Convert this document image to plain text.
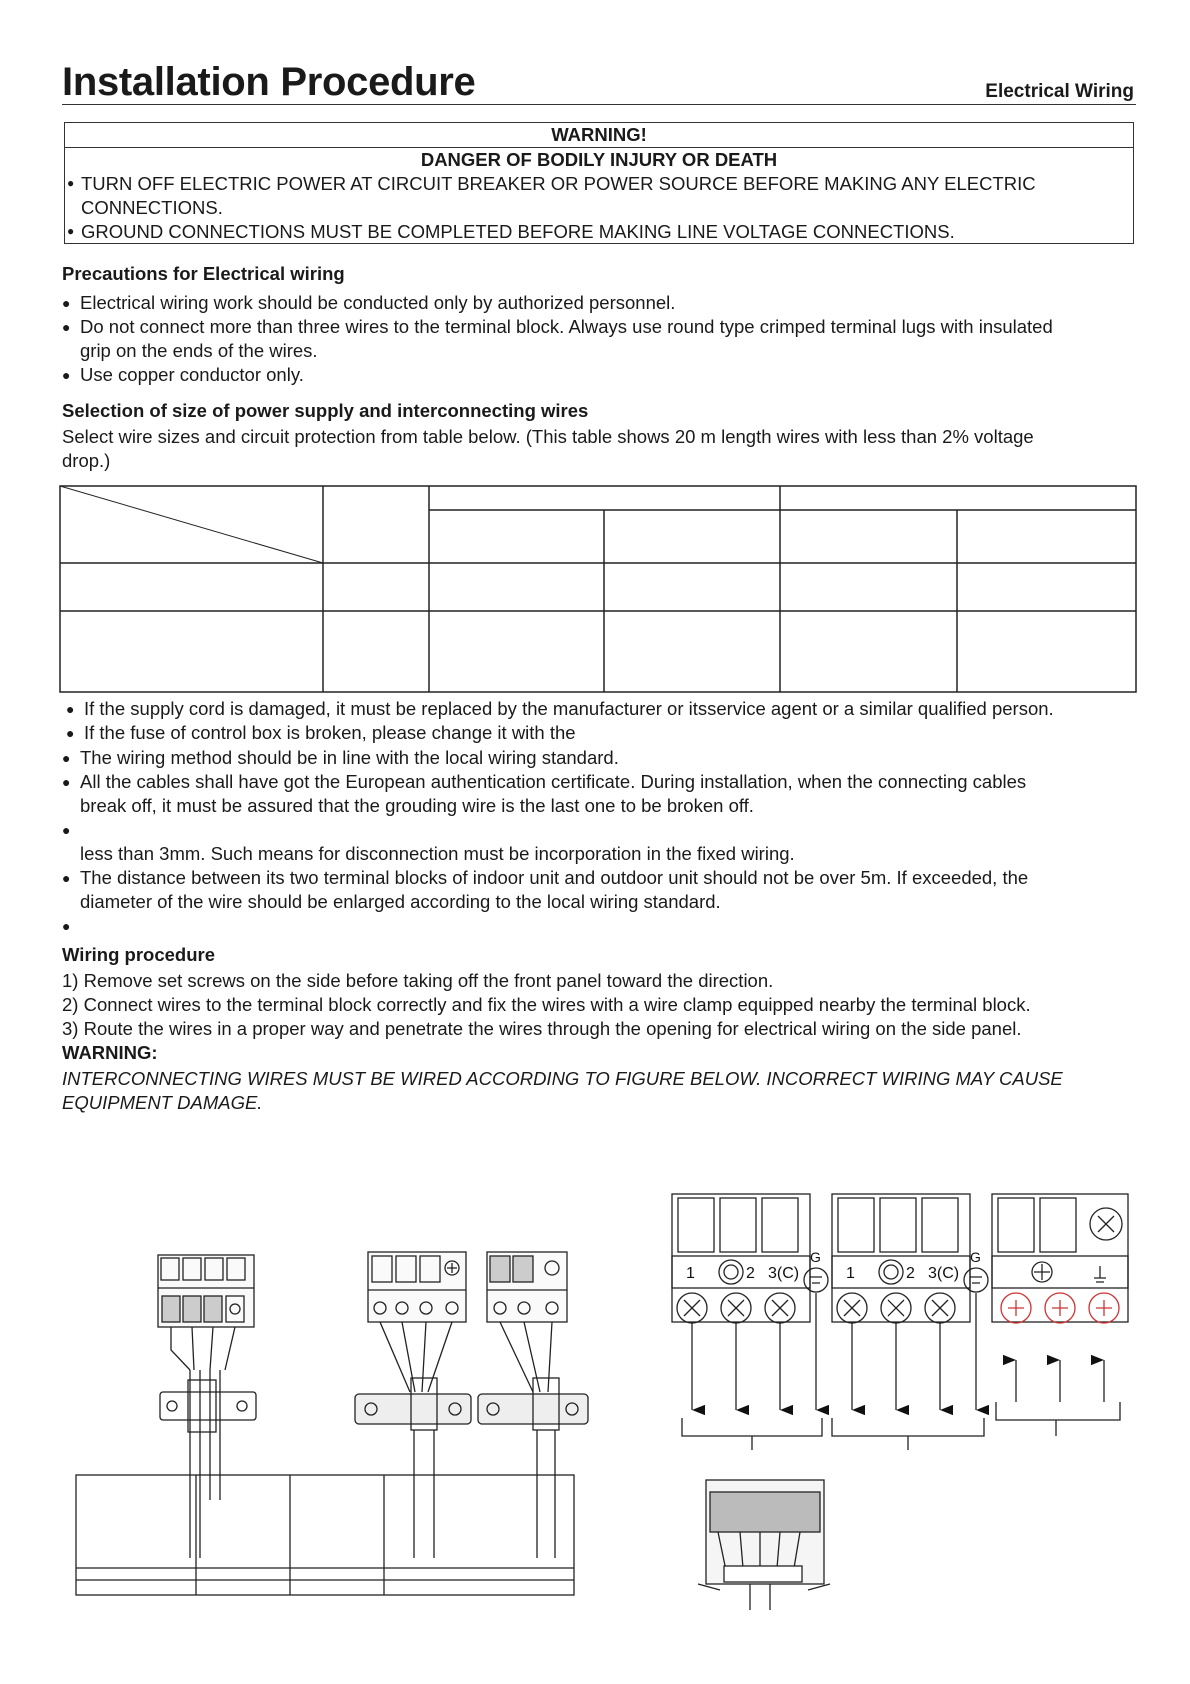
Installation Procedure	Electrical Wiring
WARNING!
DANGER OF BODILY INJURY OR DEATH
● TURN OFF ELECTRIC POWER AT CIRCUIT BREAKER OR POWER SOURCE BEFORE MAKING ANY ELECTRIC
CONNECTIONS.
● GROUND CONNECTIONS MUST BE COMPLETED BEFORE MAKING LINE VOLTAGE CONNECTIONS.
Precautions for Electrical wiring
● Electrical wiring work should be conducted only by authorized personnel.
● Do not connect more than three wires to the terminal block. Always use round type crimped terminal lugs with insulated
grip on the ends of the wires.
● Use copper conductor only.
Selection of size of power supply and interconnecting wires
Select wire sizes and circuit protection from table below. (This table shows 20 m length wires with less than 2% voltage
drop.)
● If the supply cord is damaged, it must be replaced by the manufacturer or itsservice agent or a similar qualified person.
● If the fuse of control box is broken, please change it with the
● The wiring method should be in line with the local wiring standard.
● All the cables shall have got the European authentication certificate. During installation, when the connecting cables
break off, it must be assured that the grouding wire is the last one to be broken off.
●
less than 3mm. Such means for disconnection must be incorporation in the fixed wiring.
● The distance between its two terminal blocks of indoor unit and outdoor unit should not be over 5m. If exceeded, the
diameter of the wire should be enlarged according to the local wiring standard.
●
Wiring procedure
1) Remove set screws on the side before taking off the front panel toward the direction.
2) Connect wires to the terminal block correctly and fix the wires with a wire clamp equipped nearby the terminal block.
3) Route the wires in a proper way and penetrate the wires through the opening for electrical wiring on the side panel.
WARNING:
INTERCONNECTING WIRES MUST BE WIRED ACCORDING TO FIGURE BELOW. INCORRECT WIRING MAY CAUSE
EQUIPMENT DAMAGE.
1	2 3(C)	1	2 3(C)
G	G
